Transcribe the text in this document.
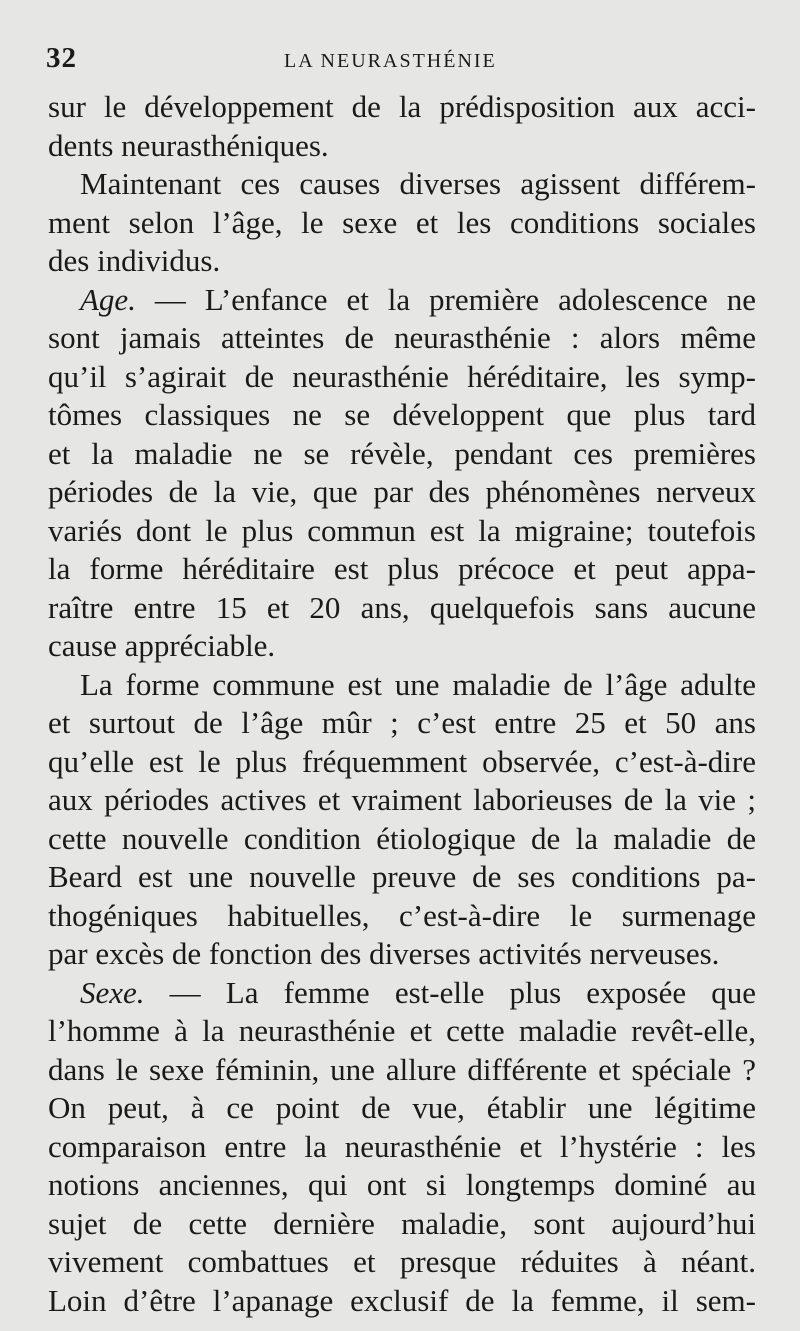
32	LA NEURASTHÉNIE
sur le développement de la prédisposition aux acci-
dents neurasthéniques.
Maintenant ces causes diverses agissent différem-
ment selon l’âge, le sexe et les conditions sociales
des individus.
Age. — L’enfance et la première adolescence ne
sont jamais atteintes de neurasthénie : alors même
qu’il s’agirait de neurasthénie héréditaire, les symp-
tômes classiques ne se développent que plus tard
et la maladie ne se révèle, pendant ces premières
périodes de la vie, que par des phénomènes nerveux
variés dont le plus commun est la migraine; toutefois
la forme héréditaire est plus précoce et peut appa-
raître entre 15 et 20 ans, quelquefois sans aucune
cause appréciable.
La forme commune est une maladie de l’âge adulte
et surtout de l’âge mûr ; c’est entre 25 et 50 ans
qu’elle est le plus fréquemment observée, c’est-à-dire
aux périodes actives et vraiment laborieuses de la vie ;
cette nouvelle condition étiologique de la maladie de
Beard est une nouvelle preuve de ses conditions pa-
thogéniques habituelles, c’est-à-dire le surmenage
par excès de fonction des diverses activités nerveuses.
Sexe. — La femme est-elle plus exposée que
l’homme à la neurasthénie et cette maladie revêt-elle,
dans le sexe féminin, une allure différente et spéciale ?
On peut, à ce point de vue, établir une légitime
comparaison entre la neurasthénie et l’hystérie : les
notions anciennes, qui ont si longtemps dominé au
sujet de cette dernière maladie, sont aujourd’hui
vivement combattues et presque réduites à néant.
Loin d’être l’apanage exclusif de la femme, il sem-
